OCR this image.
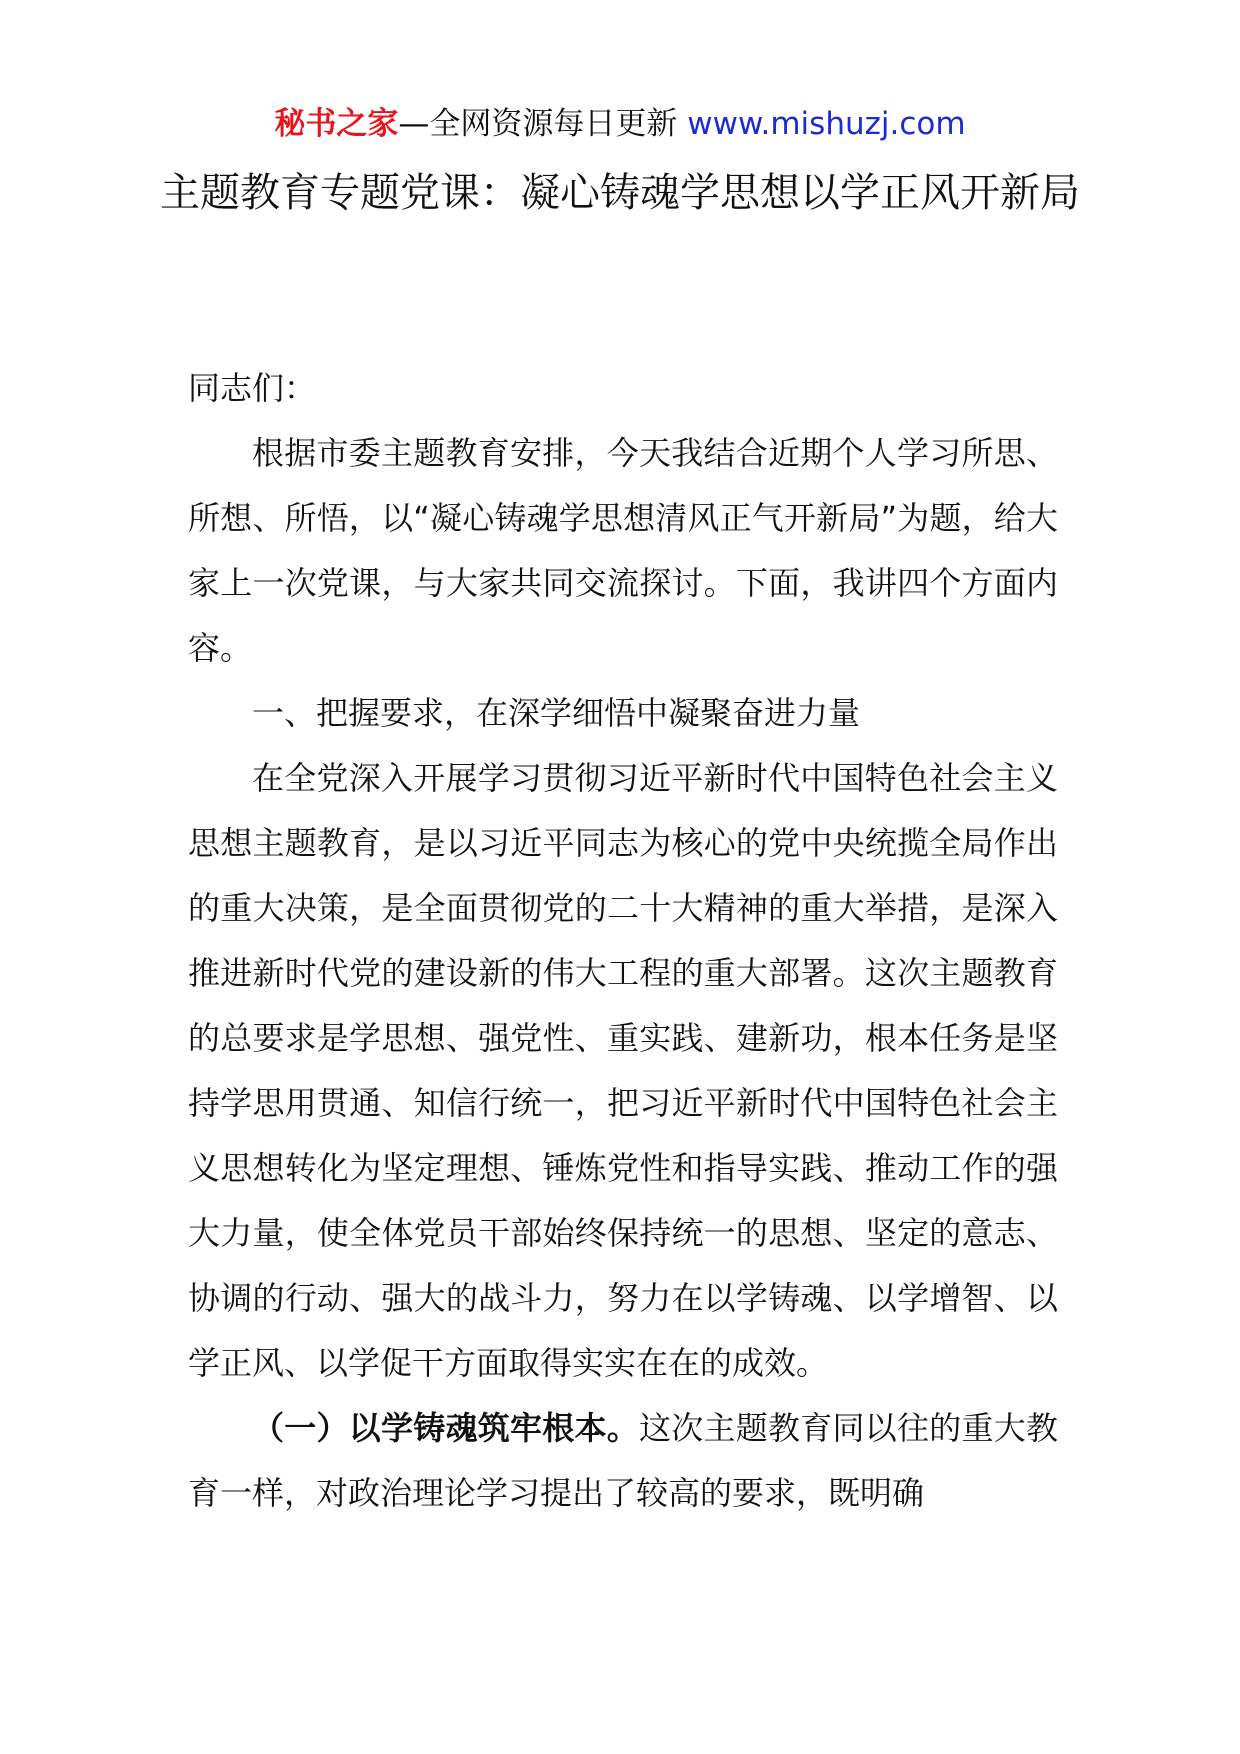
秘书之家—全网资源每日更新 www.mishuzj.com
主题教育专题党课：凝心铸魂学思想以学正风开新局

同志们：

根据市委主题教育安排，今天我结合近期个人学习所思、所想、所悟，以“凝心铸魂学思想清风正气开新局”为题，给大家上一次党课，与大家共同交流探讨。下面，我讲四个方面内容。

一、把握要求，在深学细悟中凝聚奋进力量

在全党深入开展学习贯彻习近平新时代中国特色社会主义思想主题教育，是以习近平同志为核心的党中央统揽全局作出的重大决策，是全面贯彻党的二十大精神的重大举措，是深入推进新时代党的建设新的伟大工程的重大部署。这次主题教育的总要求是学思想、强党性、重实践、建新功，根本任务是坚持学思用贯通、知信行统一，把习近平新时代中国特色社会主义思想转化为坚定理想、锤炼党性和指导实践、推动工作的强大力量，使全体党员干部始终保持统一的思想、坚定的意志、协调的行动、强大的战斗力，努力在以学铸魂、以学增智、以学正风、以学促干方面取得实实在在的成效。

（一）以学铸魂筑牢根本。这次主题教育同以往的重大教育一样，对政治理论学习提出了较高的要求，既明确
